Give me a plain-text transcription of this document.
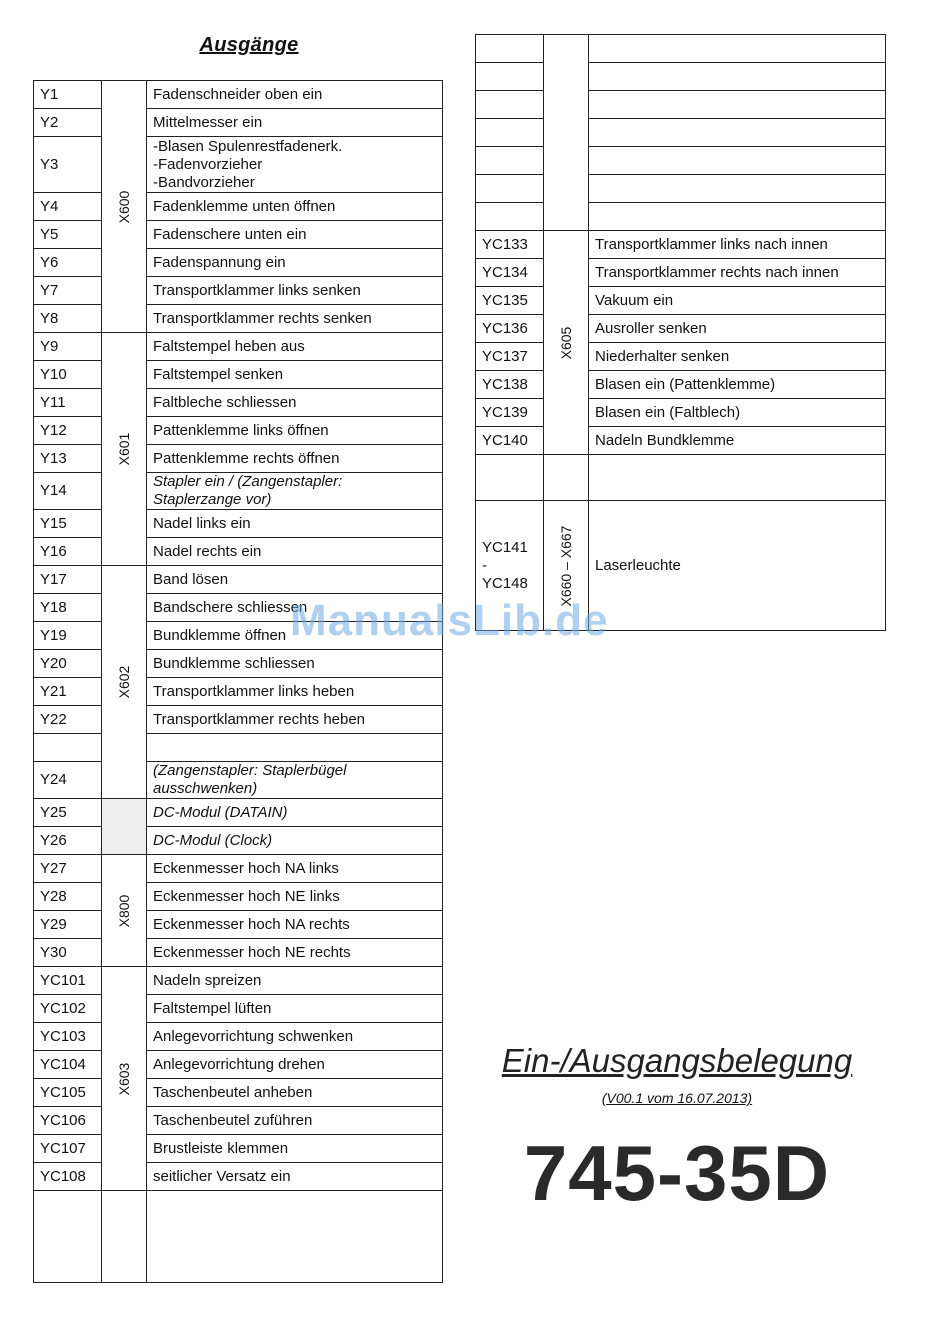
Ausgänge
Y1	X600	Fadenschneider oben ein
Y2		Mittelmesser ein
Y3		-Blasen Spulenrestfadenerk.
-Fadenvorzieher
-Bandvorzieher
Y4		Fadenklemme unten öffnen
Y5		Fadenschere unten ein
Y6		Fadenspannung ein
Y7		Transportklammer links senken
Y8		Transportklammer rechts senken
Y9	X601	Faltstempel heben aus
Y10		Faltstempel senken
Y11		Faltbleche schliessen
Y12		Pattenklemme links öffnen
Y13		Pattenklemme rechts öffnen
Y14		Stapler ein / (Zangenstapler:
Staplerzange vor)
Y15		Nadel links ein
Y16		Nadel rechts ein
Y17	X602	Band lösen
Y18		Bandschere schliessen
Y19		Bundklemme öffnen
Y20		Bundklemme schliessen
Y21		Transportklammer links heben
Y22		Transportklammer rechts heben

Y24		(Zangenstapler: Staplerbügel
ausschwenken)
Y25		DC-Modul (DATAIN)
Y26		DC-Modul (Clock)
Y27	X800	Eckenmesser hoch NA links
Y28		Eckenmesser hoch NE links
Y29		Eckenmesser hoch NA rechts
Y30		Eckenmesser hoch NE rechts
YC101	X603	Nadeln spreizen
YC102		Faltstempel lüften
YC103		Anlegevorrichtung schwenken
YC104		Anlegevorrichtung drehen
YC105		Taschenbeutel anheben
YC106		Taschenbeutel zuführen
YC107		Brustleiste klemmen
YC108		seitlicher Versatz ein

YC133	X605	Transportklammer links nach innen
YC134		Transportklammer rechts nach innen
YC135		Vakuum ein
YC136		Ausroller senken
YC137		Niederhalter senken
YC138		Blasen ein (Pattenklemme)
YC139		Blasen ein (Faltblech)
YC140		Nadeln Bundklemme

YC141
-
YC148	X660 – X667	Laserleuchte
Ein-/Ausgangsbelegung
(V00.1 vom 16.07.2013)
745-35D
ManualsLib.de
